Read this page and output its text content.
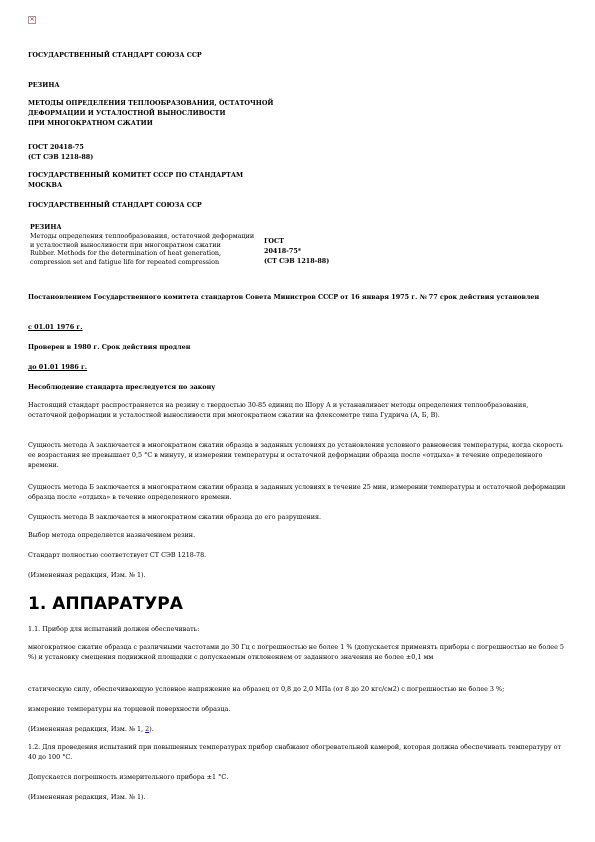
×

ГОСУДАРСТВЕННЫЙ СТАНДАРТ СОЮЗА ССР

РЕЗИНА

МЕТОДЫ ОПРЕДЕЛЕНИЯ ТЕПЛООБРАЗОВАНИЯ, ОСТАТОЧНОЙ

ДЕФОРМАЦИИ И УСТАЛОСТНОЙ ВЫНОСЛИВОСТИ

ПРИ МНОГОКРАТНОМ СЖАТИИ

ГОСТ 20418-75

(СТ СЭВ 1218-88)

ГОСУДАРСТВЕННЫЙ КОМИТЕТ СССР ПО СТАНДАРТАМ

МОСКВА

ГОСУДАРСТВЕННЫЙ СТАНДАРТ СОЮЗА ССР

РЕЗИНА

Методы определения теплообразования, остаточной деформации и усталостной выносливости при многократном сжатии

Rubber. Methods for the determination of heat generation, compression set and fatigue life for repeated compression

ГОСТ

20418-75*

(СТ СЭВ 1218-88)

Постановлением Государственного комитета стандартов Совета Министров СССР от 16 января 1975 г. № 77 срок действия установлен

с 01.01 1976 г.

Проверен в 1980 г. Срок действия продлен

до 01.01 1986 г.

Несоблюдение стандарта преследуется по закону

Настоящий стандарт распространяется на резину с твердостью 30-85 единиц по Шору А и устанавливает методы определения теплообразования, остаточной деформации и усталостной выносливости при многократном сжатии на флексометре типа Гудрича (А, Б, В).

Сущность метода А заключается в многократном сжатии образца в заданных условиях до установления условного равновесия температуры, когда скорость ее возрастания не превышает 0,5 °С в минуту, и измерении температуры и остаточной деформации образца после «отдыха» в течение определенного времени.

Сущность метода Б заключается в многократном сжатии образца в заданных условиях в течение 25 мин, измерении температуры и остаточной деформации образца после «отдыха» в течение определенного времени.

Сущность метода В заключается в многократном сжатии образца до его разрушения.

Выбор метода определяется назначением резин.

Стандарт полностью соответствует СТ СЭВ 1218-78.

(Измененная редакция, Изм. № 1).

1. АППАРАТУРА

1.1. Прибор для испытаний должен обеспечивать:

многократное сжатие образца с различными частотами до 30 Гц с погрешностью не более 1 % (допускается применять приборы с погрешностью не более 5 %) и установку смещения подвижной площадки с допускаемым отклонением от заданного значения не более ±0,1 мм

статическую силу, обеспечивающую условное напряжение на образец от 0,8 до 2,0 МПа (от 8 до 20 кгс/см2) с погрешностью не более 3 %;

измерение температуры на торцевой поверхности образца.

(Измененная редакция, Изм. № 1, 2).

1.2. Для проведения испытаний при повышенных температурах прибор снабжают обогревательной камерой, которая должна обеспечивать температуру от 40 до 100 °С.

Допускается погрешность измерительного прибора ±1 °С.

(Измененная редакция, Изм. № 1).
